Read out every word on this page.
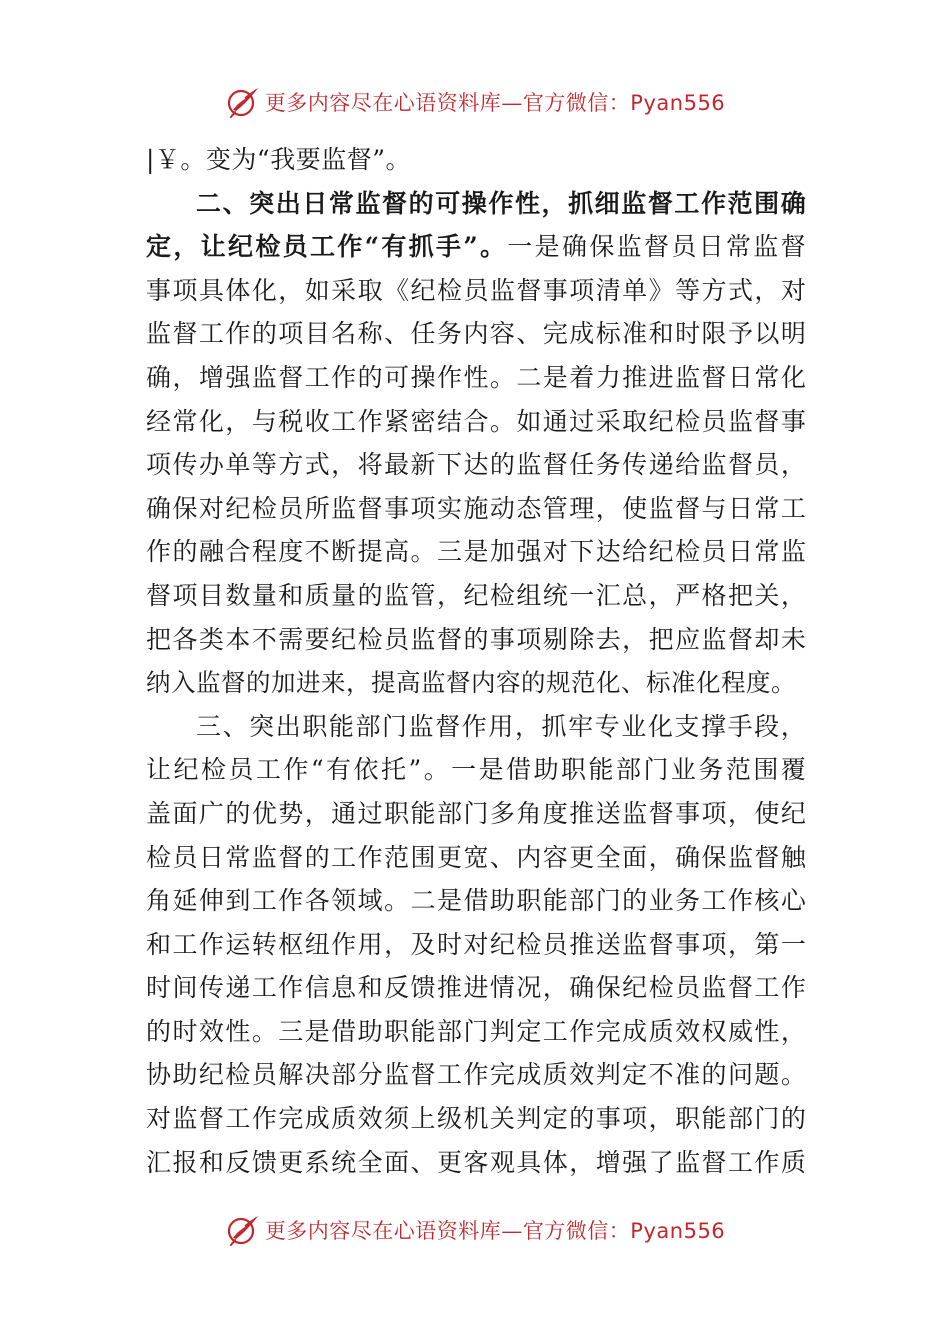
更多内容尽在心语资料库—官方微信：Pyan556
|￥。变为“我要监督”。
二 、 突 出 日 常 监 督 的 可 操 作 性 ， 抓 细 监 督 工 作 范 围 确
定 ， 让 纪 检 员 工 作 “ 有 抓 手 ” 。 一 是 确 保 监 督 员 日 常 监 督
事 项 具 体 化 ， 如 采 取 《 纪 检 员 监 督 事 项 清 单 》 等 方 式 ， 对
监 督 工 作 的 项 目 名 称 、 任 务 内 容 、 完 成 标 准 和 时 限 予 以 明
确 ， 增 强 监 督 工 作 的 可 操 作 性 。 二 是 着 力 推 进 监 督 日 常 化
经 常 化 ， 与 税 收 工 作 紧 密 结 合 。 如 通 过 采 取 纪 检 员 监 督 事
项 传 办 单 等 方 式 ， 将 最 新 下 达 的 监 督 任 务 传 递 给 监 督 员 ，
确 保 对 纪 检 员 所 监 督 事 项 实 施 动 态 管 理 ， 使 监 督 与 日 常 工
作 的 融 合 程 度 不 断 提 高 。 三 是 加 强 对 下 达 给 纪 检 员 日 常 监
督 项 目 数 量 和 质 量 的 监 管 ， 纪 检 组 统 一 汇 总 ， 严 格 把 关 ，
把 各 类 本 不 需 要 纪 检 员 监 督 的 事 项 剔 除 去 ， 把 应 监 督 却 未
纳入监督的加进来，提高监督内容的规范化、标准化程度。
三 、 突 出 职 能 部 门 监 督 作 用 ， 抓 牢 专 业 化 支 撑 手 段 ，
让 纪 检 员 工 作 “ 有 依 托 ” 。 一 是 借 助 职 能 部 门 业 务 范 围 覆
盖 面 广 的 优 势 ， 通 过 职 能 部 门 多 角 度 推 送 监 督 事 项 ， 使 纪
检 员 日 常 监 督 的 工 作 范 围 更 宽 、 内 容 更 全 面 ， 确 保 监 督 触
角 延 伸 到 工 作 各 领 域 。 二 是 借 助 职 能 部 门 的 业 务 工 作 核 心
和 工 作 运 转 枢 纽 作 用 ， 及 时 对 纪 检 员 推 送 监 督 事 项 ， 第 一
时 间 传 递 工 作 信 息 和 反 馈 推 进 情 况 ， 确 保 纪 检 员 监 督 工 作
的 时 效 性 。 三 是 借 助 职 能 部 门 判 定 工 作 完 成 质 效 权 威 性 ，
协 助 纪 检 员 解 决 部 分 监 督 工 作 完 成 质 效 判 定 不 准 的 问 题 。
对 监 督 工 作 完 成 质 效 须 上 级 机 关 判 定 的 事 项 ， 职 能 部 门 的
汇 报 和 反 馈 更 系 统 全 面 、 更 客 观 具 体 ， 增 强 了 监 督 工 作 质
更多内容尽在心语资料库—官方微信：Pyan556
